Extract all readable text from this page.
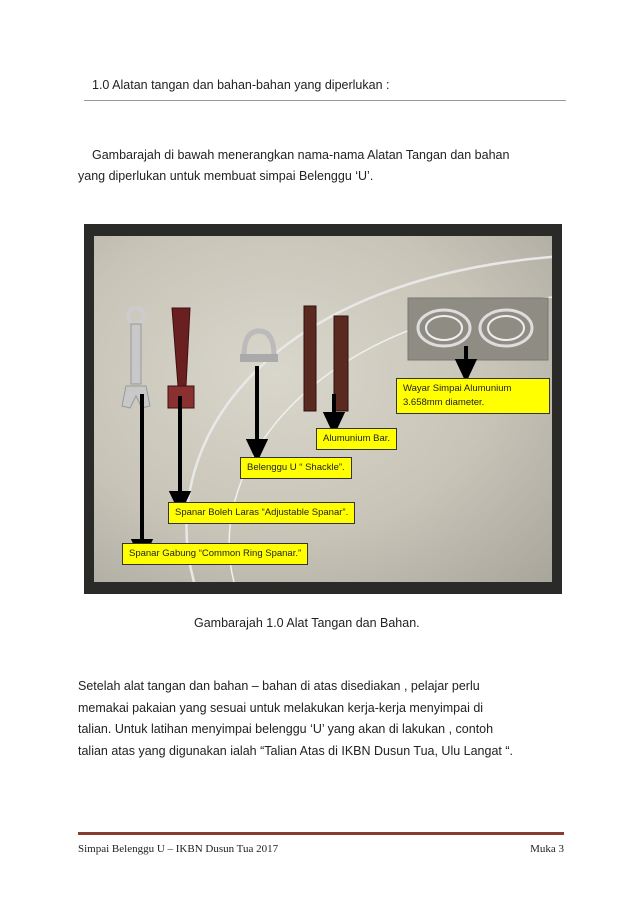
1.0 Alatan tangan dan bahan-bahan yang diperlukan :
Gambarajah di bawah menerangkan nama-nama Alatan Tangan dan bahan
yang diperlukan untuk membuat simpai Belenggu ‘U’.
Wayar Simpai Alumunium
3.658mm diameter.
Alumunium Bar.
Belenggu U “ Shackle”.
Spanar Boleh Laras “Adjustable Spanar”.
Spanar Gabung “Common Ring Spanar.”
Gambarajah 1.0 Alat Tangan dan Bahan.
Setelah alat tangan dan bahan – bahan di atas disediakan , pelajar perlu
memakai pakaian yang sesuai untuk melakukan kerja-kerja menyimpai di
talian. Untuk latihan menyimpai belenggu ‘U’ yang akan di lakukan , contoh
talian atas yang digunakan ialah “Talian Atas di IKBN Dusun Tua, Ulu Langat “.
Simpai Belenggu U – IKBN Dusun Tua 2017	Muka 3
